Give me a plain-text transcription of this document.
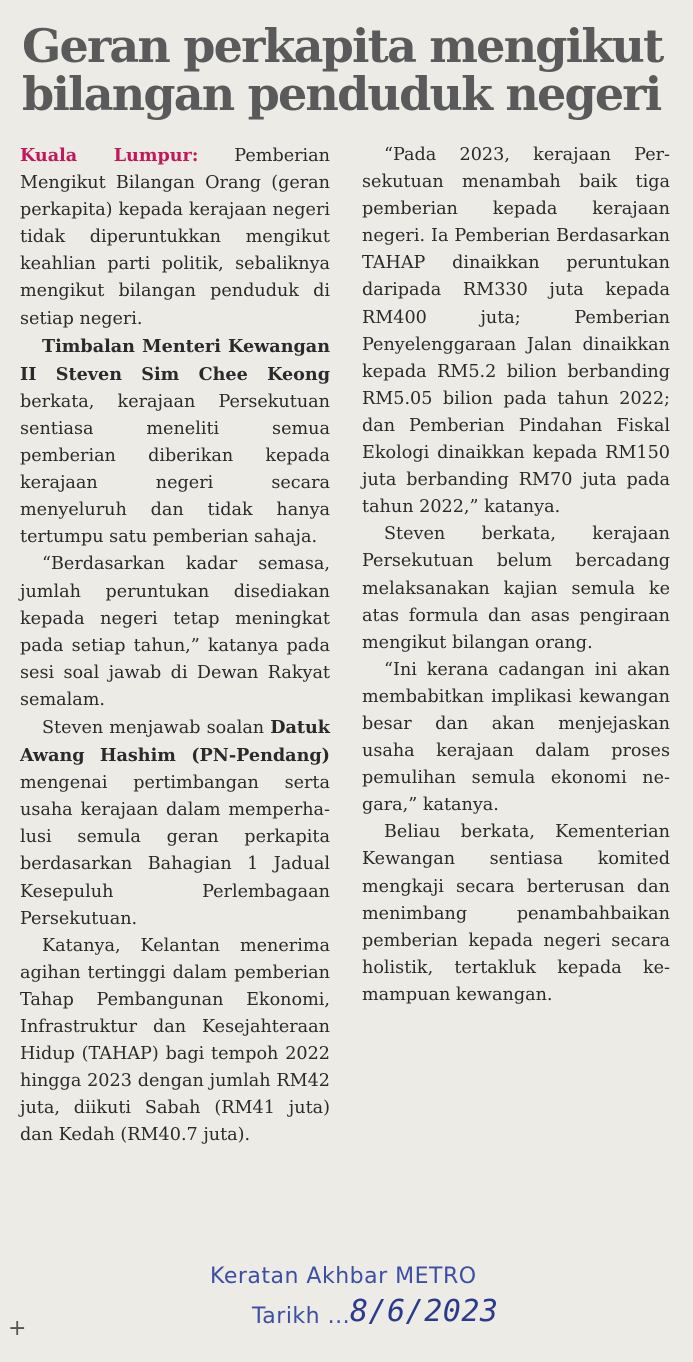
Geran perkapita mengikut bilangan penduduk negeri

Kuala Lumpur: Pemberian Mengikut Bilangan Orang (geran perkapita) kepada kerajaan negeri tidak diperuntukkan mengikut keahlian parti politik, sebaliknya mengikut bilangan penduduk di setiap negeri.

Timbalan Menteri Kewangan II Steven Sim Chee Keong berkata, kerajaan Persekutuan sentiasa meneliti semua pemberian diberikan kepada kerajaan negeri secara menyeluruh dan tidak hanya tertumpu satu pemberian sahaja.

“Berdasarkan kadar semasa, jumlah peruntukan disediakan kepada negeri tetap meningkat pada setiap tahun,” katanya pada sesi soal jawab di Dewan Rakyat semalam.

Steven menjawab soalan Datuk Awang Hashim (PN-Pendang) mengenai pertimbangan serta usaha kerajaan dalam memperhalusi semula geran perkapita berdasarkan Bahagian 1 Jadual Kesepuluh Perlembagaan Persekutuan.

Katanya, Kelantan menerima agihan tertinggi dalam pemberian Tahap Pembangunan Ekonomi, Infrastruktur dan Kesejahteraan Hidup (TAHAP) bagi tempoh 2022 hingga 2023 dengan jumlah RM42 juta, diikuti Sabah (RM41 juta) dan Kedah (RM40.7 juta).

“Pada 2023, kerajaan Persekutuan menambah baik tiga pemberian kepada kerajaan negeri. Ia Pemberian Berdasarkan TAHAP dinaikkan peruntukan daripada RM330 juta kepada RM400 juta; Pemberian Penyelenggaraan Jalan dinaikkan kepada RM5.2 bilion berbanding RM5.05 bilion pada tahun 2022; dan Pemberian Pindahan Fiskal Ekologi dinaikkan kepada RM150 juta berbanding RM70 juta pada tahun 2022,” katanya.

Steven berkata, kerajaan Persekutuan belum bercadang melaksanakan kajian semula ke atas formula dan asas pengiraan mengikut bilangan orang.

“Ini kerana cadangan ini akan membabitkan implikasi kewangan besar dan akan menjejaskan usaha kerajaan dalam proses pemulihan semula ekonomi negara,” katanya.

Beliau berkata, Kementerian Kewangan sentiasa komited mengkaji secara berterusan dan menimbang penambahbaikan pemberian kepada negeri secara holistik, tertakluk kepada kemampuan kewangan.

Keratan Akhbar METRO
Tarikh ... 8/6/2023
+
